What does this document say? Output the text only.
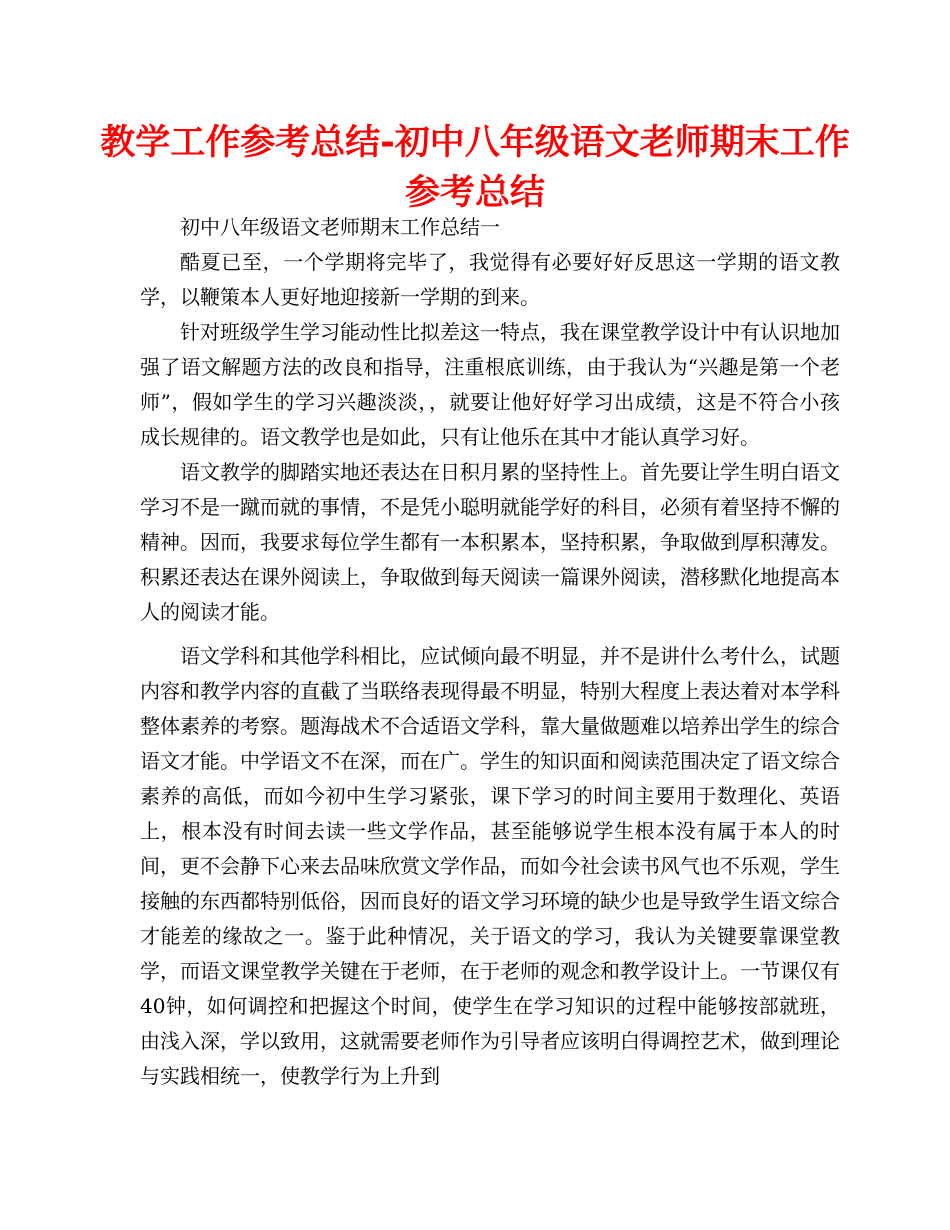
教学工作参考总结-初中八年级语文老师期末工作参考总结

初中八年级语文老师期末工作总结一

酷夏已至，一个学期将完毕了，我觉得有必要好好反思这一学期的语文教学，以鞭策本人更好地迎接新一学期的到来。

针对班级学生学习能动性比拟差这一特点，我在课堂教学设计中有认识地加强了语文解题方法的改良和指导，注重根底训练，由于我认为“兴趣是第一个老师”，假如学生的学习兴趣淡淡，，就要让他好好学习出成绩，这是不符合小孩成长规律的。语文教学也是如此，只有让他乐在其中才能认真学习好。

语文教学的脚踏实地还表达在日积月累的坚持性上。首先要让学生明白语文学习不是一蹴而就的事情，不是凭小聪明就能学好的科目，必须有着坚持不懈的精神。因而，我要求每位学生都有一本积累本，坚持积累，争取做到厚积薄发。积累还表达在课外阅读上，争取做到每天阅读一篇课外阅读，潜移默化地提高本人的阅读才能。

语文学科和其他学科相比，应试倾向最不明显，并不是讲什么考什么，试题内容和教学内容的直截了当联络表现得最不明显，特别大程度上表达着对本学科整体素养的考察。题海战术不合适语文学科，靠大量做题难以培养出学生的综合语文才能。中学语文不在深，而在广。学生的知识面和阅读范围决定了语文综合素养的高低，而如今初中生学习紧张，课下学习的时间主要用于数理化、英语上，根本没有时间去读一些文学作品，甚至能够说学生根本没有属于本人的时间，更不会静下心来去品味欣赏文学作品，而如今社会读书风气也不乐观，学生接触的东西都特别低俗，因而良好的语文学习环境的缺少也是导致学生语文综合才能差的缘故之一。鉴于此种情况，关于语文的学习，我认为关键要靠课堂教学，而语文课堂教学关键在于老师，在于老师的观念和教学设计上。一节课仅有40钟，如何调控和把握这个时间，使学生在学习知识的过程中能够按部就班，由浅入深，学以致用，这就需要老师作为引导者应该明白得调控艺术，做到理论与实践相统一，使教学行为上升到
